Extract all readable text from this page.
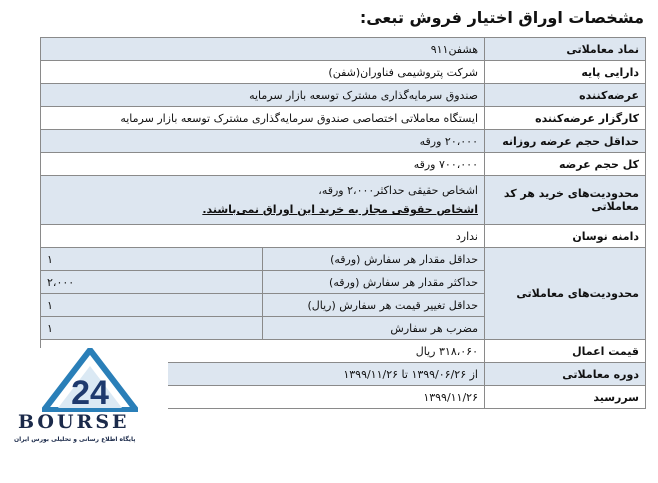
مشخصات اوراق اختیار فروش تبعی:
نماد معاملاتی	هشفن۹۱۱	
دارایی پایه	شرکت پتروشیمی فناوران(شفن)	
عرضه‌کننده	صندوق سرمایه‌گذاری مشترک توسعه بازار سرمایه	
کارگزار عرضه‌کننده	ایستگاه معاملاتی اختصاصی صندوق سرمایه‌گذاری مشترک توسعه بازار سرمایه	
حداقل حجم عرضه روزانه	۲۰،۰۰۰ ورقه	
کل حجم عرضه	۷۰۰،۰۰۰ ورقه	
محدودیت‌های خرید هر کد معاملاتی	اشخاص حقیقی حداکثر۲،۰۰۰ ورقه،
اشخاص حقوقی مجاز به خرید این اوراق نمی‌باشند.	

دامنه نوسان	ندارد	
محدودیت‌های معاملاتی	حداقل مقدار هر سفارش (ورقه)	۱
	حداکثر مقدار هر سفارش (ورقه)	۲،۰۰۰
	حداقل تغییر قیمت هر سفارش (ریال)	۱
	مضرب هر سفارش	۱
قیمت اعمال	۳۱۸،۰۶۰ ریال	
دوره معاملاتی	از ۱۳۹۹/۰۶/۲۶ تا ۱۳۹۹/۱۱/۲۶	
سررسید	۱۳۹۹/۱۱/۲۶	
24
BOURSE
پایگاه اطلاع رسانی و تحلیلی بورس ایران
